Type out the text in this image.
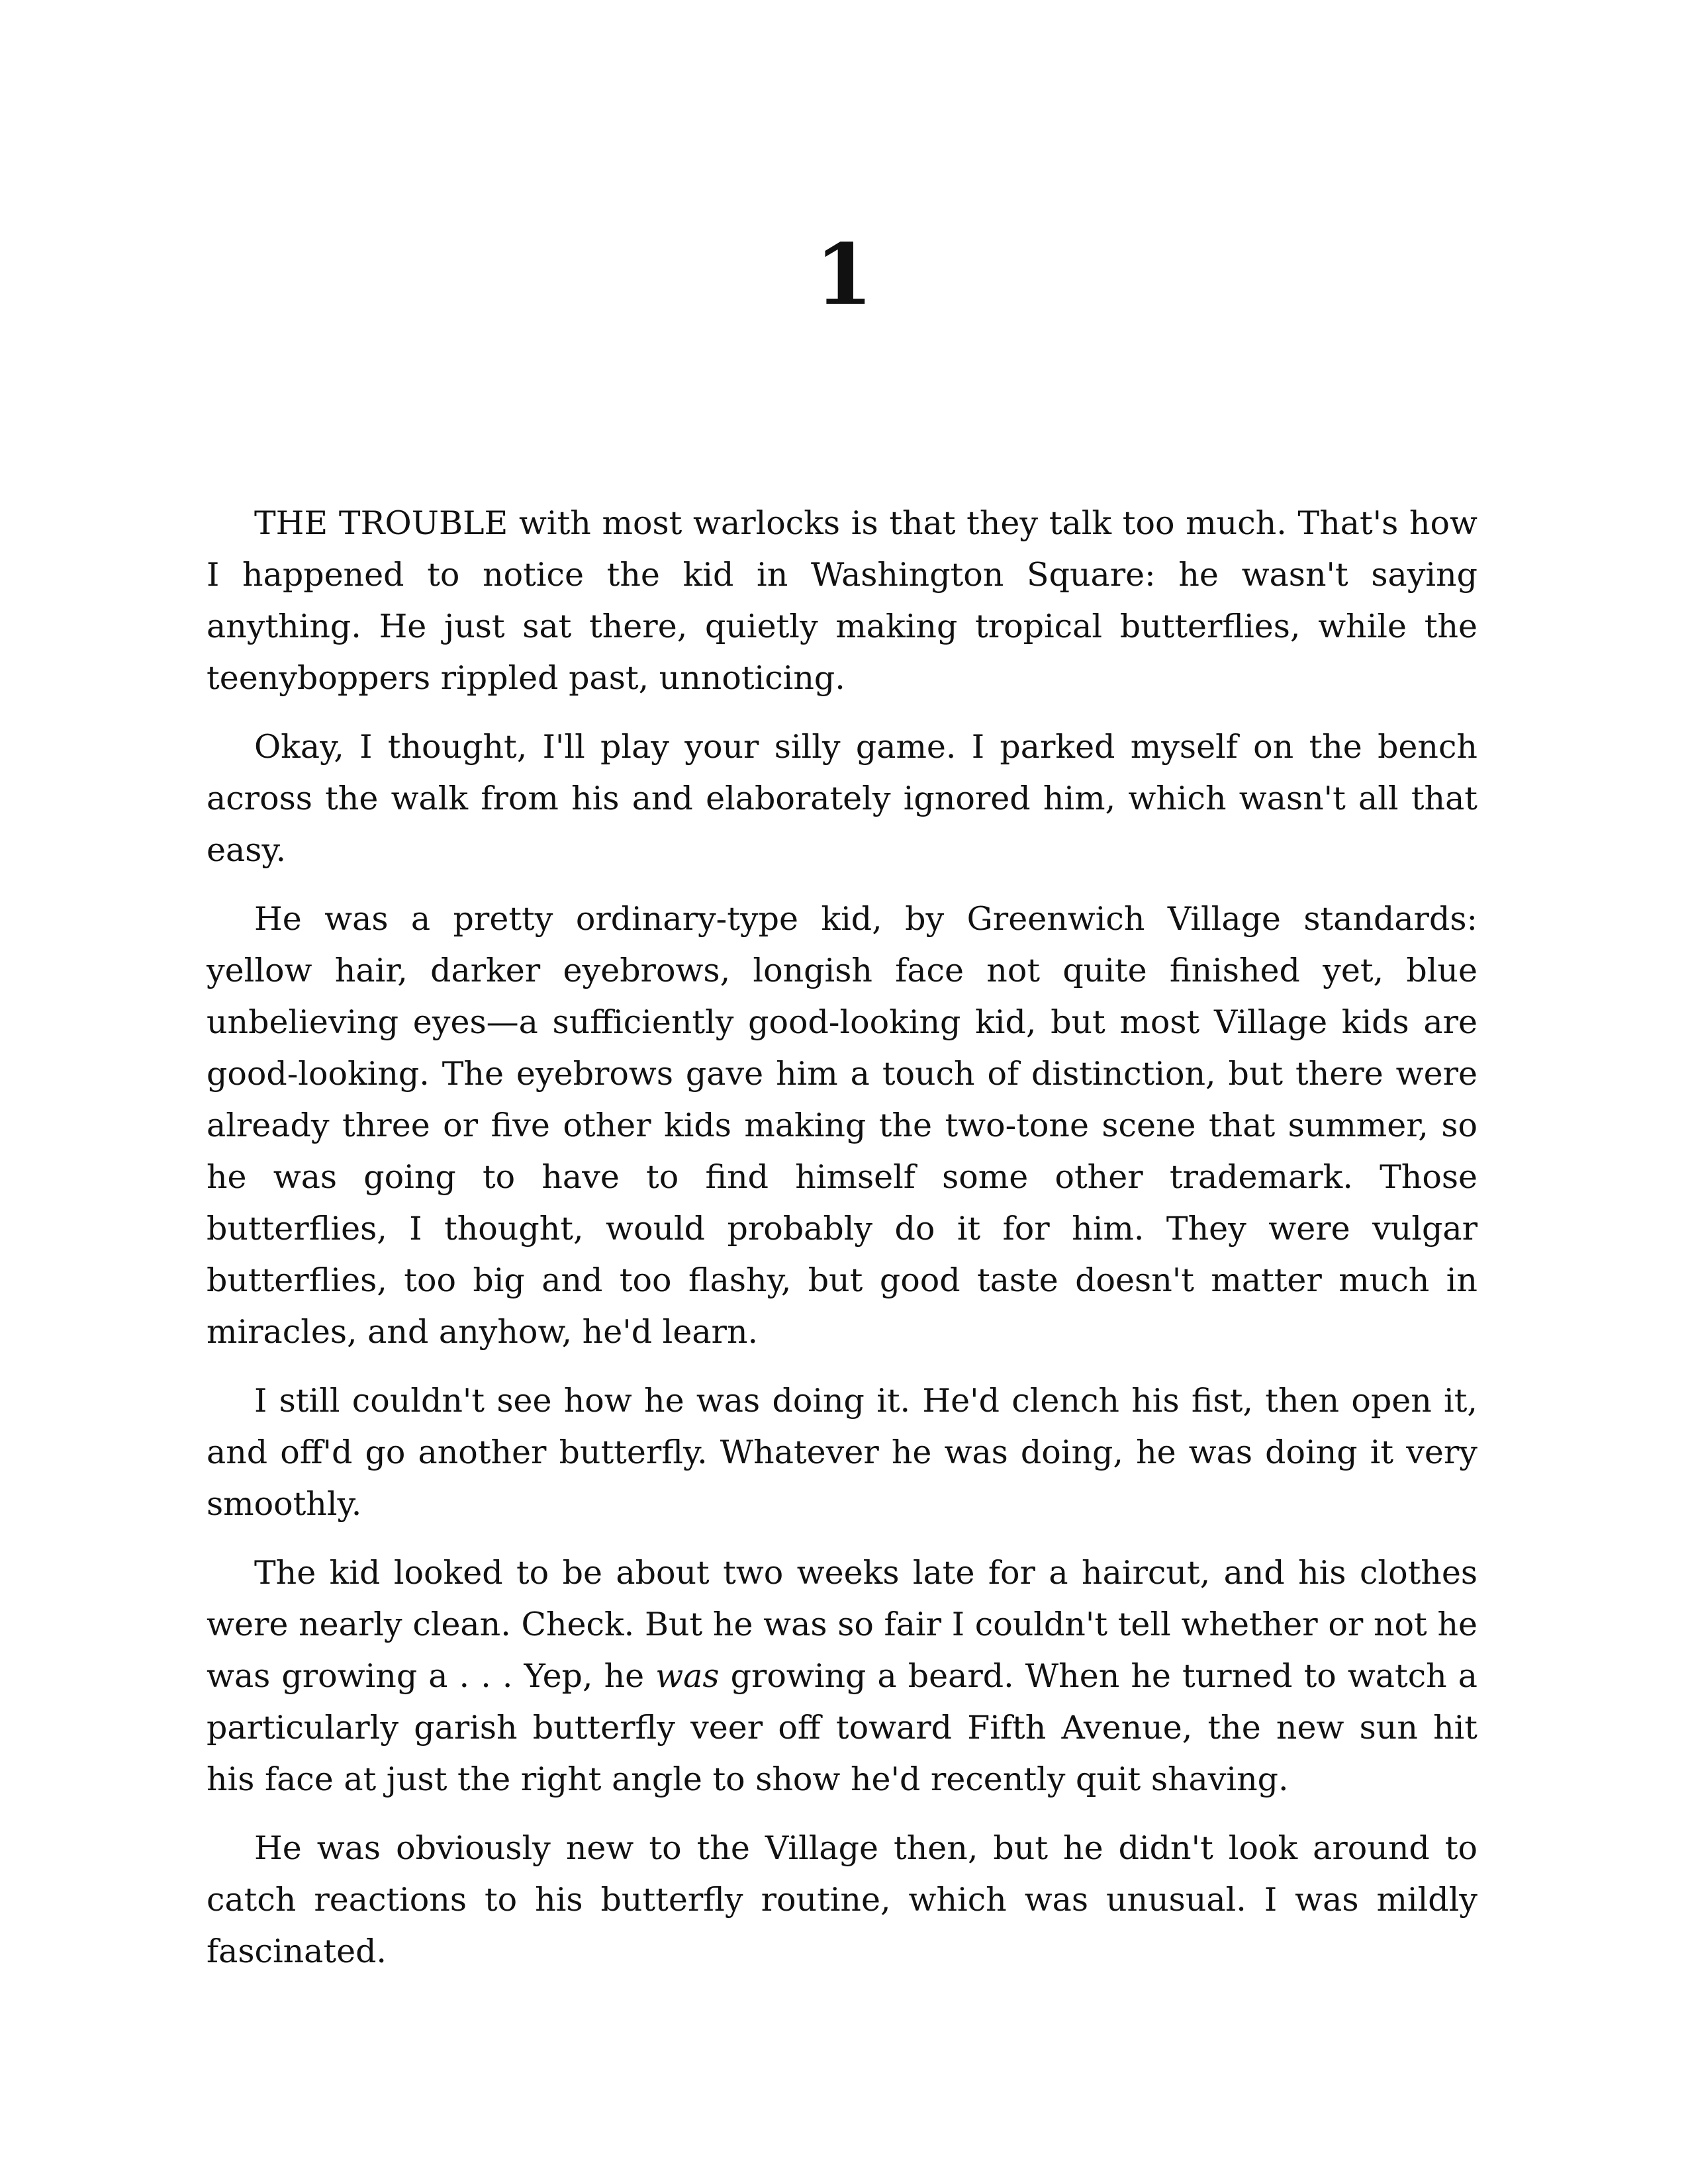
1

THE TROUBLE with most warlocks is that they talk too much. That's how I happened to notice the kid in Washington Square: he wasn't saying anything. He just sat there, quietly making tropical butterflies, while the teenyboppers rippled past, unnoticing.

Okay, I thought, I'll play your silly game. I parked myself on the bench across the walk from his and elaborately ignored him, which wasn't all that easy.

He was a pretty ordinary-type kid, by Greenwich Village standards: yellow hair, darker eyebrows, longish face not quite finished yet, blue unbelieving eyes—a sufficiently good-looking kid, but most Village kids are good-looking. The eyebrows gave him a touch of distinction, but there were already three or five other kids making the two-tone scene that summer, so he was going to have to find himself some other trademark. Those butterflies, I thought, would probably do it for him. They were vulgar butterflies, too big and too flashy, but good taste doesn't matter much in miracles, and anyhow, he'd learn.

I still couldn't see how he was doing it. He'd clench his fist, then open it, and off'd go another butterfly. Whatever he was doing, he was doing it very smoothly.

The kid looked to be about two weeks late for a haircut, and his clothes were nearly clean. Check. But he was so fair I couldn't tell whether or not he was growing a . . . Yep, he was growing a beard. When he turned to watch a particularly garish butterfly veer off toward Fifth Avenue, the new sun hit his face at just the right angle to show he'd recently quit shaving.

He was obviously new to the Village then, but he didn't look around to catch reactions to his butterfly routine, which was unusual. I was mildly fascinated.
